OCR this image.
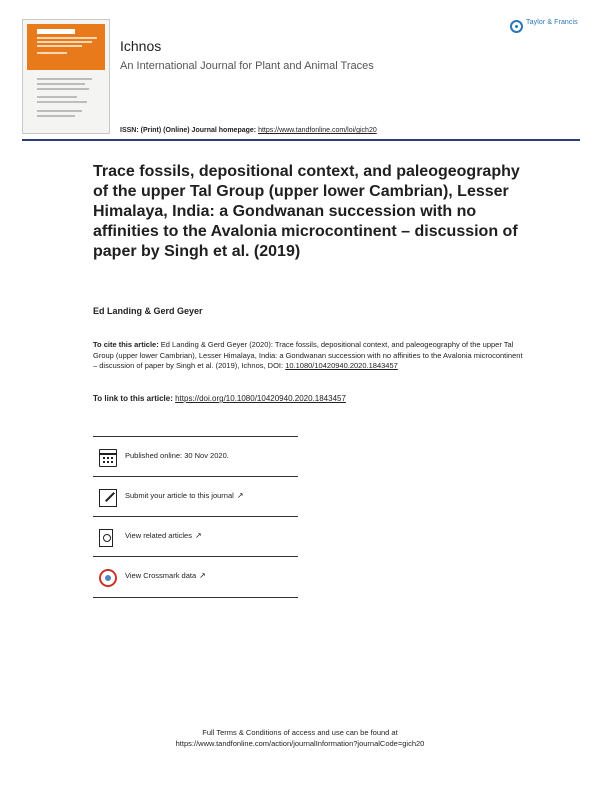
Taylor & Francis
Ichnos
An International Journal for Plant and Animal Traces
ISSN: (Print) (Online) Journal homepage: https://www.tandfonline.com/loi/gich20
Trace fossils, depositional context, and paleogeography of the upper Tal Group (upper lower Cambrian), Lesser Himalaya, India: a Gondwanan succession with no affinities to the Avalonia microcontinent – discussion of paper by Singh et al. (2019)
Ed Landing & Gerd Geyer
To cite this article: Ed Landing & Gerd Geyer (2020): Trace fossils, depositional context, and paleogeography of the upper Tal Group (upper lower Cambrian), Lesser Himalaya, India: a Gondwanan succession with no affinities to the Avalonia microcontinent – discussion of paper by Singh et al. (2019), Ichnos, DOI: 10.1080/10420940.2020.1843457
To link to this article: https://doi.org/10.1080/10420940.2020.1843457
Published online: 30 Nov 2020.
Submit your article to this journal ↗
View related articles ↗
View Crossmark data ↗
Full Terms & Conditions of access and use can be found at
https://www.tandfonline.com/action/journalInformation?journalCode=gich20
